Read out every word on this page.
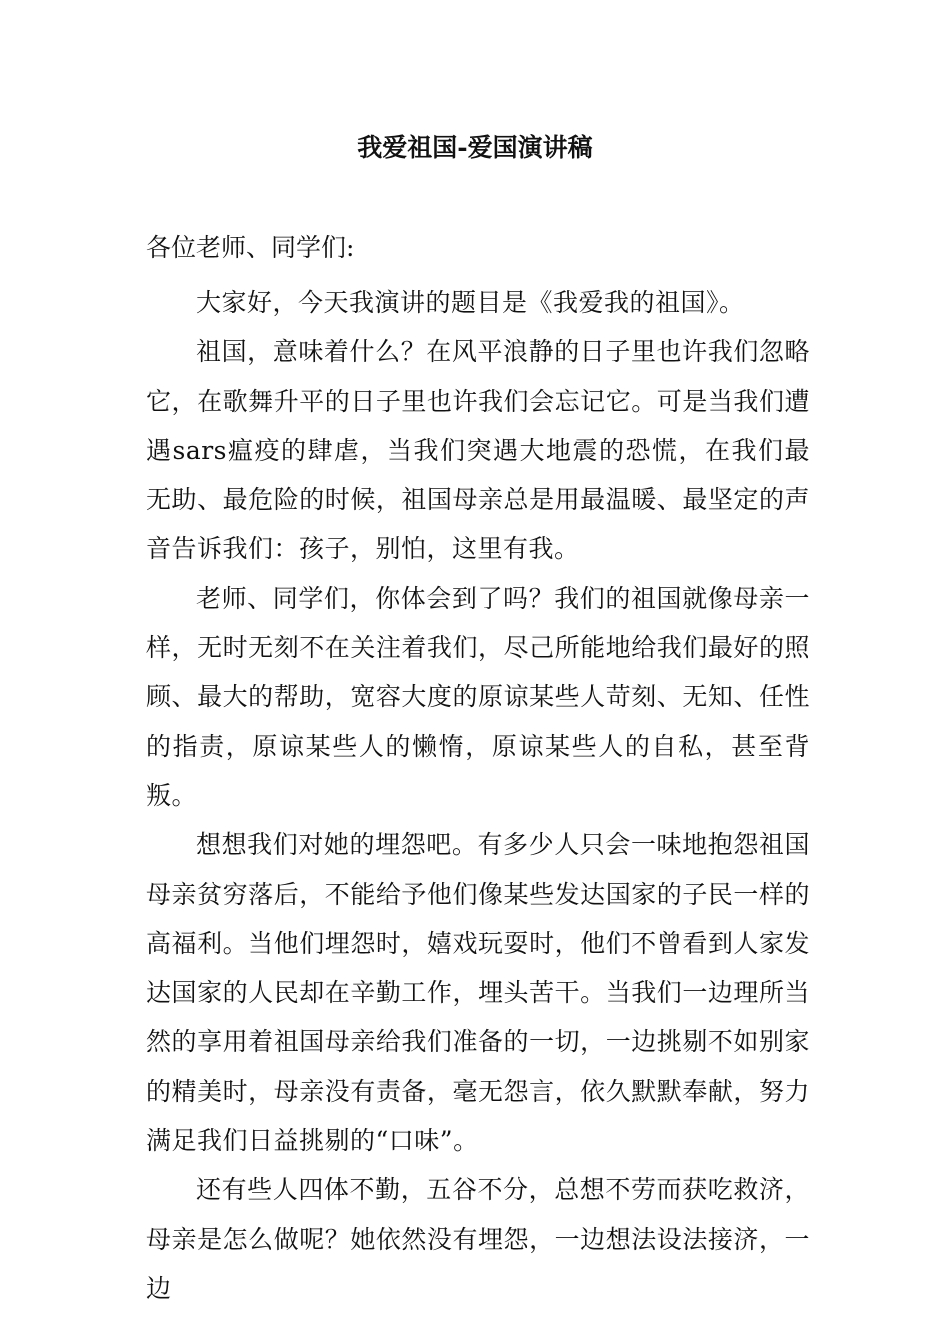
我爱祖国-爱国演讲稿
各位老师、同学们:

大家好，今天我演讲的题目是《我爱我的祖国》。

祖国，意味着什么？在风平浪静的日子里也许我们忽略它，在歌舞升平的日子里也许我们会忘记它。可是当我们遭遇sars瘟疫的肆虐，当我们突遇大地震的恐慌，在我们最无助、最危险的时候，祖国母亲总是用最温暖、最坚定的声音告诉我们：孩子，别怕，这里有我。

老师、同学们，你体会到了吗？我们的祖国就像母亲一样，无时无刻不在关注着我们，尽己所能地给我们最好的照顾、最大的帮助，宽容大度的原谅某些人苛刻、无知、任性的指责，原谅某些人的懒惰，原谅某些人的自私，甚至背叛。

想想我们对她的埋怨吧。有多少人只会一味地抱怨祖国母亲贫穷落后，不能给予他们像某些发达国家的子民一样的高福利。当他们埋怨时，嬉戏玩耍时，他们不曾看到人家发达国家的人民却在辛勤工作，埋头苦干。当我们一边理所当然的享用着祖国母亲给我们准备的一切，一边挑剔不如别家的精美时，母亲没有责备，毫无怨言，依久默默奉献，努力满足我们日益挑剔的“口味”。

还有些人四体不勤，五谷不分，总想不劳而获吃救济，母亲是怎么做呢？她依然没有埋怨，一边想法设法接济，一边
